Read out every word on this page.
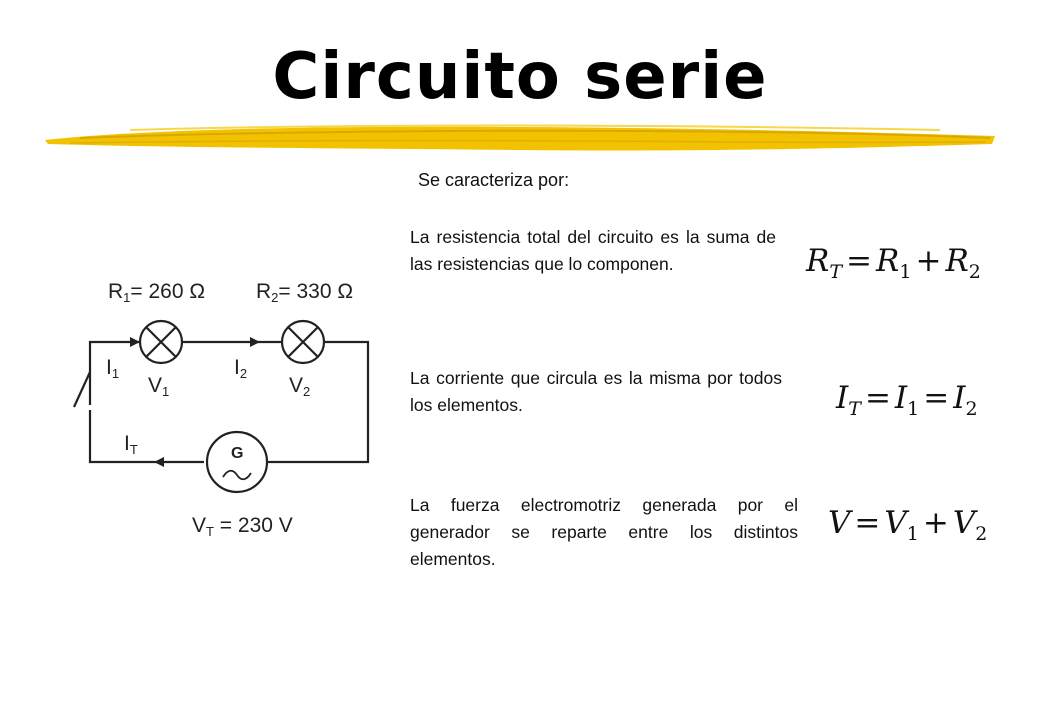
Circuito serie
Se caracteriza por:
G
R1= 260 Ω R2= 330 Ω
I1
V1
I2
V2
IT
VT = 230 V
La resistencia total del circuito es la suma de las resistencias que lo componen.	$R_T = R_1 + R_2$
La corriente que circula es la misma por todos los elementos.	$I_T = I_1 = I_2$
La fuerza electromotriz generada por el generador se reparte entre los distintos elementos.
$V = V_1 + V_2$
